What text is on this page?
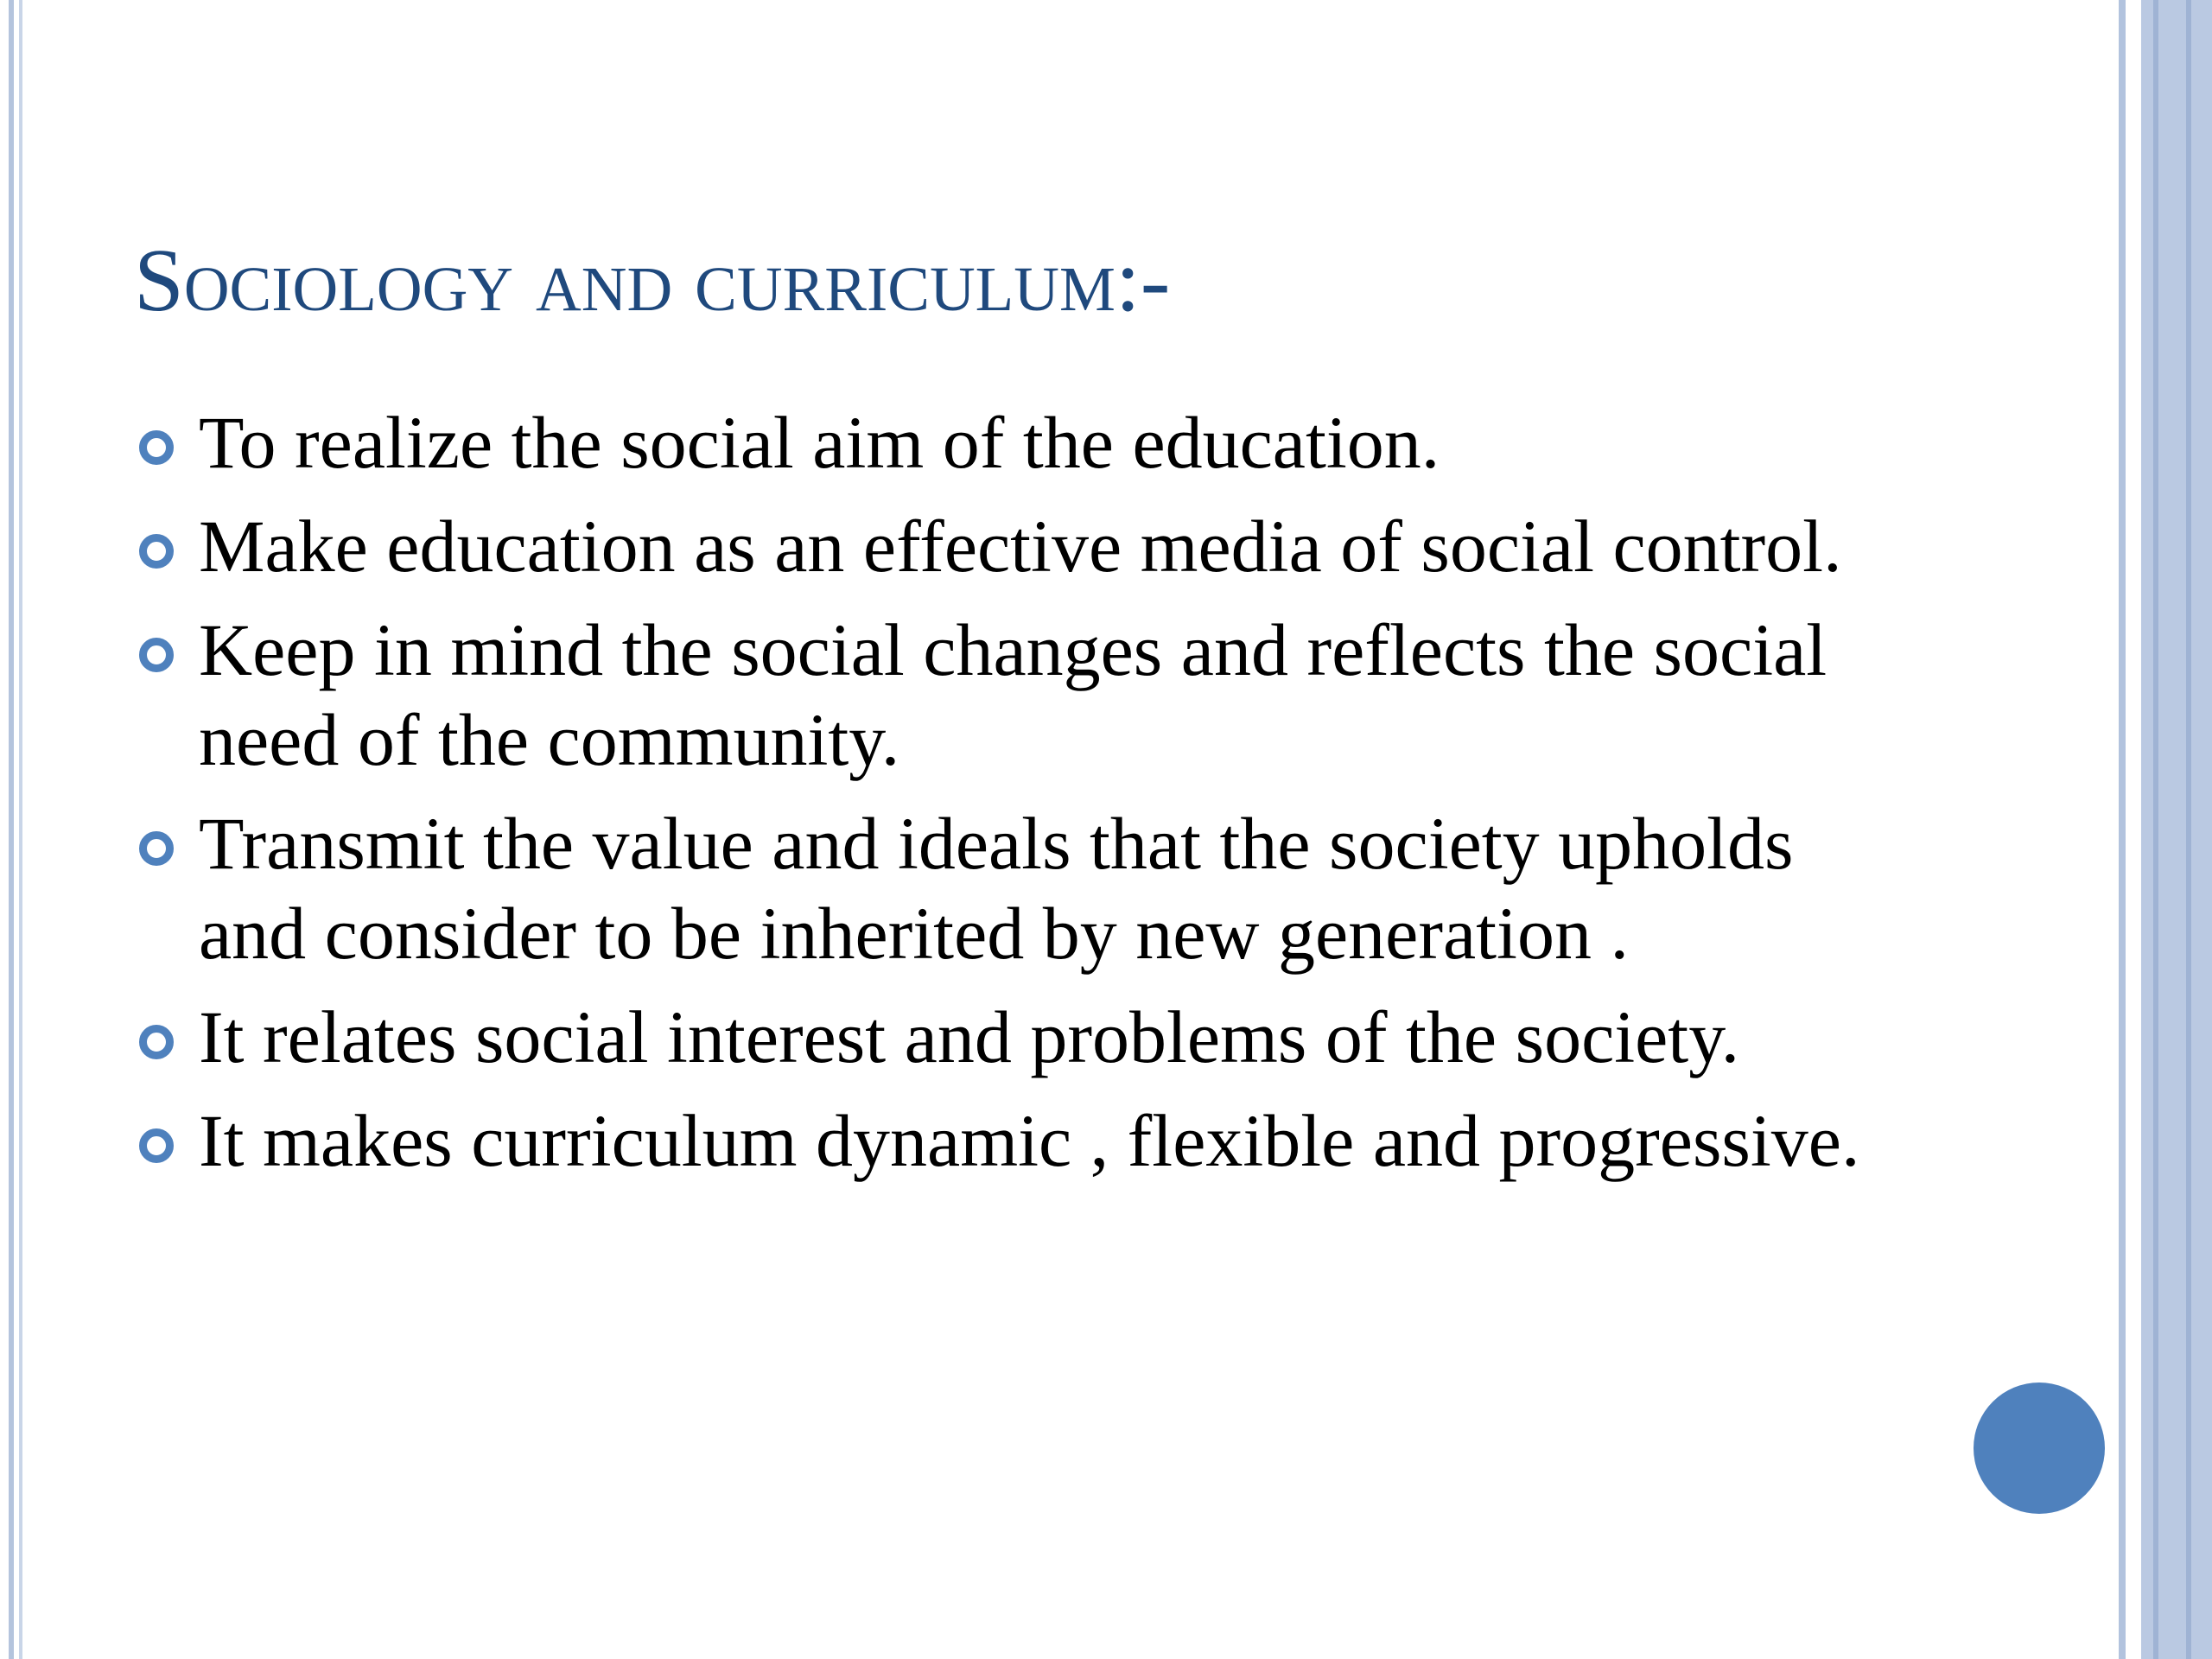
Sociology and curriculum:-
To realize the social aim of the education.
Make education as an effective media of social control.
Keep in mind the social changes and reflects the social need of the community.
Transmit the value and ideals that the society upholds and consider to be inherited by new generation .
It relates social interest and problems of the society.
It makes curriculum dynamic , flexible and progressive.
